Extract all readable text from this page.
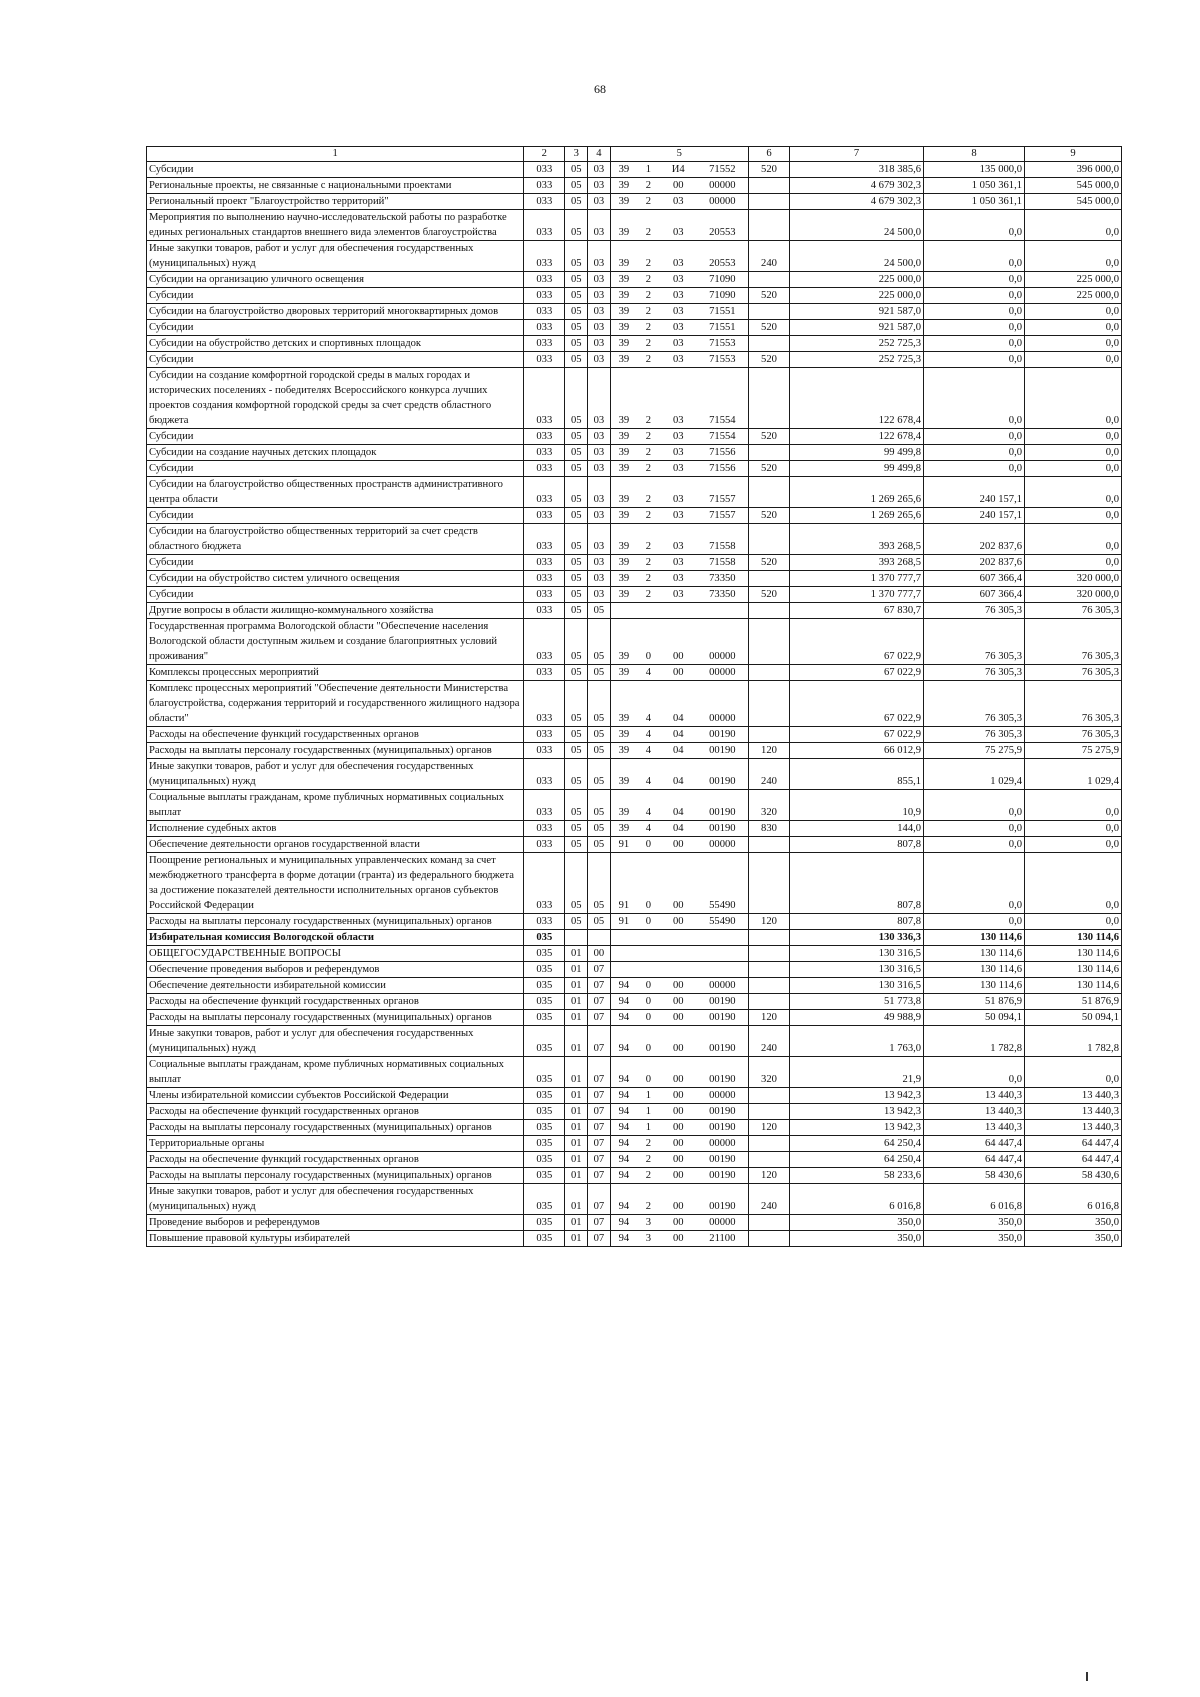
68
1	2	3	4	5				6	7	8	9
Субсидии	033	05	03	39	1	И4	71552	520	318 385,6	135 000,0	396 000,0
Региональные проекты, не связанные с национальными проектами	033	05	03	39	2	00	00000		4 679 302,3	1 050 361,1	545 000,0
Региональный проект "Благоустройство территорий"	033	05	03	39	2	03	00000		4 679 302,3	1 050 361,1	545 000,0
Мероприятия по выполнению научно-исследовательской работы по разработке единых региональных стандартов внешнего вида элементов благоустройства	033	05	03	39	2	03	20553		24 500,0	0,0	0,0
Иные закупки товаров, работ и услуг для обеспечения государственных (муниципальных) нужд	033	05	03	39	2	03	20553	240	24 500,0	0,0	0,0
Субсидии на организацию уличного освещения	033	05	03	39	2	03	71090		225 000,0	0,0	225 000,0
Субсидии	033	05	03	39	2	03	71090	520	225 000,0	0,0	225 000,0
Субсидии на благоустройство дворовых территорий многоквартирных домов	033	05	03	39	2	03	71551		921 587,0	0,0	0,0
Субсидии	033	05	03	39	2	03	71551	520	921 587,0	0,0	0,0
Субсидии на обустройство детских и спортивных площадок	033	05	03	39	2	03	71553		252 725,3	0,0	0,0
Субсидии	033	05	03	39	2	03	71553	520	252 725,3	0,0	0,0
Субсидии на создание комфортной городской среды в малых городах и исторических поселениях - победителях Всероссийского конкурса лучших проектов создания комфортной городской среды за счет средств областного бюджета	033	05	03	39	2	03	71554		122 678,4	0,0	0,0
Субсидии	033	05	03	39	2	03	71554	520	122 678,4	0,0	0,0
Субсидии на создание научных детских площадок	033	05	03	39	2	03	71556		99 499,8	0,0	0,0
Субсидии	033	05	03	39	2	03	71556	520	99 499,8	0,0	0,0
Субсидии на благоустройство общественных пространств административного центра области	033	05	03	39	2	03	71557		1 269 265,6	240 157,1	0,0
Субсидии	033	05	03	39	2	03	71557	520	1 269 265,6	240 157,1	0,0
Субсидии на благоустройство общественных территорий за счет средств областного бюджета	033	05	03	39	2	03	71558		393 268,5	202 837,6	0,0
Субсидии	033	05	03	39	2	03	71558	520	393 268,5	202 837,6	0,0
Субсидии на обустройство систем уличного освещения	033	05	03	39	2	03	73350		1 370 777,7	607 366,4	320 000,0
Субсидии	033	05	03	39	2	03	73350	520	1 370 777,7	607 366,4	320 000,0
Другие вопросы в области жилищно-коммунального хозяйства	033	05	05						67 830,7	76 305,3	76 305,3
Государственная программа Вологодской области "Обеспечение населения Вологодской области доступным жильем и создание благоприятных условий проживания"	033	05	05	39	0	00	00000		67 022,9	76 305,3	76 305,3
Комплексы процессных мероприятий	033	05	05	39	4	00	00000		67 022,9	76 305,3	76 305,3
Комплекс процессных мероприятий "Обеспечение деятельности Министерства благоустройства, содержания территорий и государственного жилищного надзора области"	033	05	05	39	4	04	00000		67 022,9	76 305,3	76 305,3
Расходы на обеспечение функций государственных органов	033	05	05	39	4	04	00190		67 022,9	76 305,3	76 305,3
Расходы на выплаты персоналу государственных (муниципальных) органов	033	05	05	39	4	04	00190	120	66 012,9	75 275,9	75 275,9
Иные закупки товаров, работ и услуг для обеспечения государственных (муниципальных) нужд	033	05	05	39	4	04	00190	240	855,1	1 029,4	1 029,4
Социальные выплаты гражданам, кроме публичных нормативных социальных выплат	033	05	05	39	4	04	00190	320	10,9	0,0	0,0
Исполнение судебных актов	033	05	05	39	4	04	00190	830	144,0	0,0	0,0
Обеспечение деятельности органов государственной власти	033	05	05	91	0	00	00000		807,8	0,0	0,0
Поощрение региональных и муниципальных управленческих команд за счет межбюджетного трансферта в форме дотации (гранта) из федерального бюджета за достижение показателей деятельности исполнительных органов субъектов Российской Федерации	033	05	05	91	0	00	55490		807,8	0,0	0,0
Расходы на выплаты персоналу государственных (муниципальных) органов	033	05	05	91	0	00	55490	120	807,8	0,0	0,0
Избирательная комиссия Вологодской области	035								130 336,3	130 114,6	130 114,6
ОБЩЕГОСУДАРСТВЕННЫЕ ВОПРОСЫ	035	01	00						130 316,5	130 114,6	130 114,6
Обеспечение проведения выборов и референдумов	035	01	07						130 316,5	130 114,6	130 114,6
Обеспечение деятельности избирательной комиссии	035	01	07	94	0	00	00000		130 316,5	130 114,6	130 114,6
Расходы на обеспечение функций государственных органов	035	01	07	94	0	00	00190		51 773,8	51 876,9	51 876,9
Расходы на выплаты персоналу государственных (муниципальных) органов	035	01	07	94	0	00	00190	120	49 988,9	50 094,1	50 094,1
Иные закупки товаров, работ и услуг для обеспечения государственных (муниципальных) нужд	035	01	07	94	0	00	00190	240	1 763,0	1 782,8	1 782,8
Социальные выплаты гражданам, кроме публичных нормативных социальных выплат	035	01	07	94	0	00	00190	320	21,9	0,0	0,0
Члены избирательной комиссии субъектов Российской Федерации	035	01	07	94	1	00	00000		13 942,3	13 440,3	13 440,3
Расходы на обеспечение функций государственных органов	035	01	07	94	1	00	00190		13 942,3	13 440,3	13 440,3
Расходы на выплаты персоналу государственных (муниципальных) органов	035	01	07	94	1	00	00190	120	13 942,3	13 440,3	13 440,3
Территориальные органы	035	01	07	94	2	00	00000		64 250,4	64 447,4	64 447,4
Расходы на обеспечение функций государственных органов	035	01	07	94	2	00	00190		64 250,4	64 447,4	64 447,4
Расходы на выплаты персоналу государственных (муниципальных) органов	035	01	07	94	2	00	00190	120	58 233,6	58 430,6	58 430,6
Иные закупки товаров, работ и услуг для обеспечения государственных (муниципальных) нужд	035	01	07	94	2	00	00190	240	6 016,8	6 016,8	6 016,8
Проведение выборов и референдумов	035	01	07	94	3	00	00000		350,0	350,0	350,0
Повышение правовой культуры избирателей	035	01	07	94	3	00	21100		350,0	350,0	350,0
